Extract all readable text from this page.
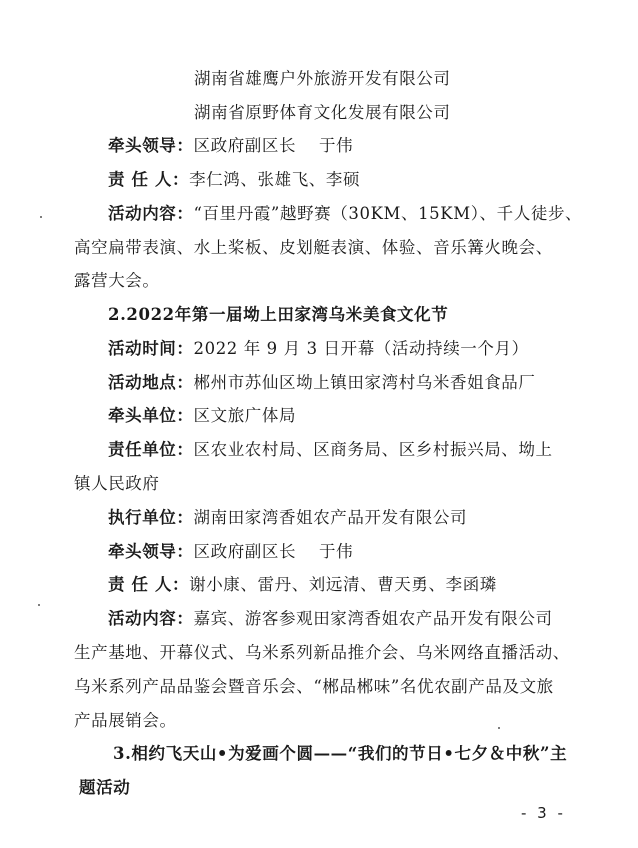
湖南省雄鹰户外旅游开发有限公司
湖南省原野体育文化发展有限公司
牵头领导：区政府副区长　 于伟
责 任 人：李仁鸿、张雄飞、李硕
活动内容：“百里丹霞”越野赛（30KM、15KM）、千人徒步、
高空扁带表演、水上桨板、皮划艇表演、体验、音乐篝火晚会、
露营大会。
2.2022年第一届坳上田家湾乌米美食文化节
活动时间：2022 年 9 月 3 日开幕（活动持续一个月）
活动地点：郴州市苏仙区坳上镇田家湾村乌米香姐食品厂
牵头单位：区文旅广体局
责任单位：区农业农村局、区商务局、区乡村振兴局、坳上
镇人民政府
执行单位：湖南田家湾香姐农产品开发有限公司
牵头领导：区政府副区长　 于伟
责 任 人：谢小康、雷丹、刘远清、曹天勇、李函璘
活动内容：嘉宾、游客参观田家湾香姐农产品开发有限公司
生产基地、开幕仪式、乌米系列新品推介会、乌米网络直播活动、
乌米系列产品品鉴会暨音乐会、“郴品郴味”名优农副产品及文旅
产品展销会。
3.相约飞天山•为爱画个圆——“我们的节日•七夕＆中秋”主
题活动
- 3 -
